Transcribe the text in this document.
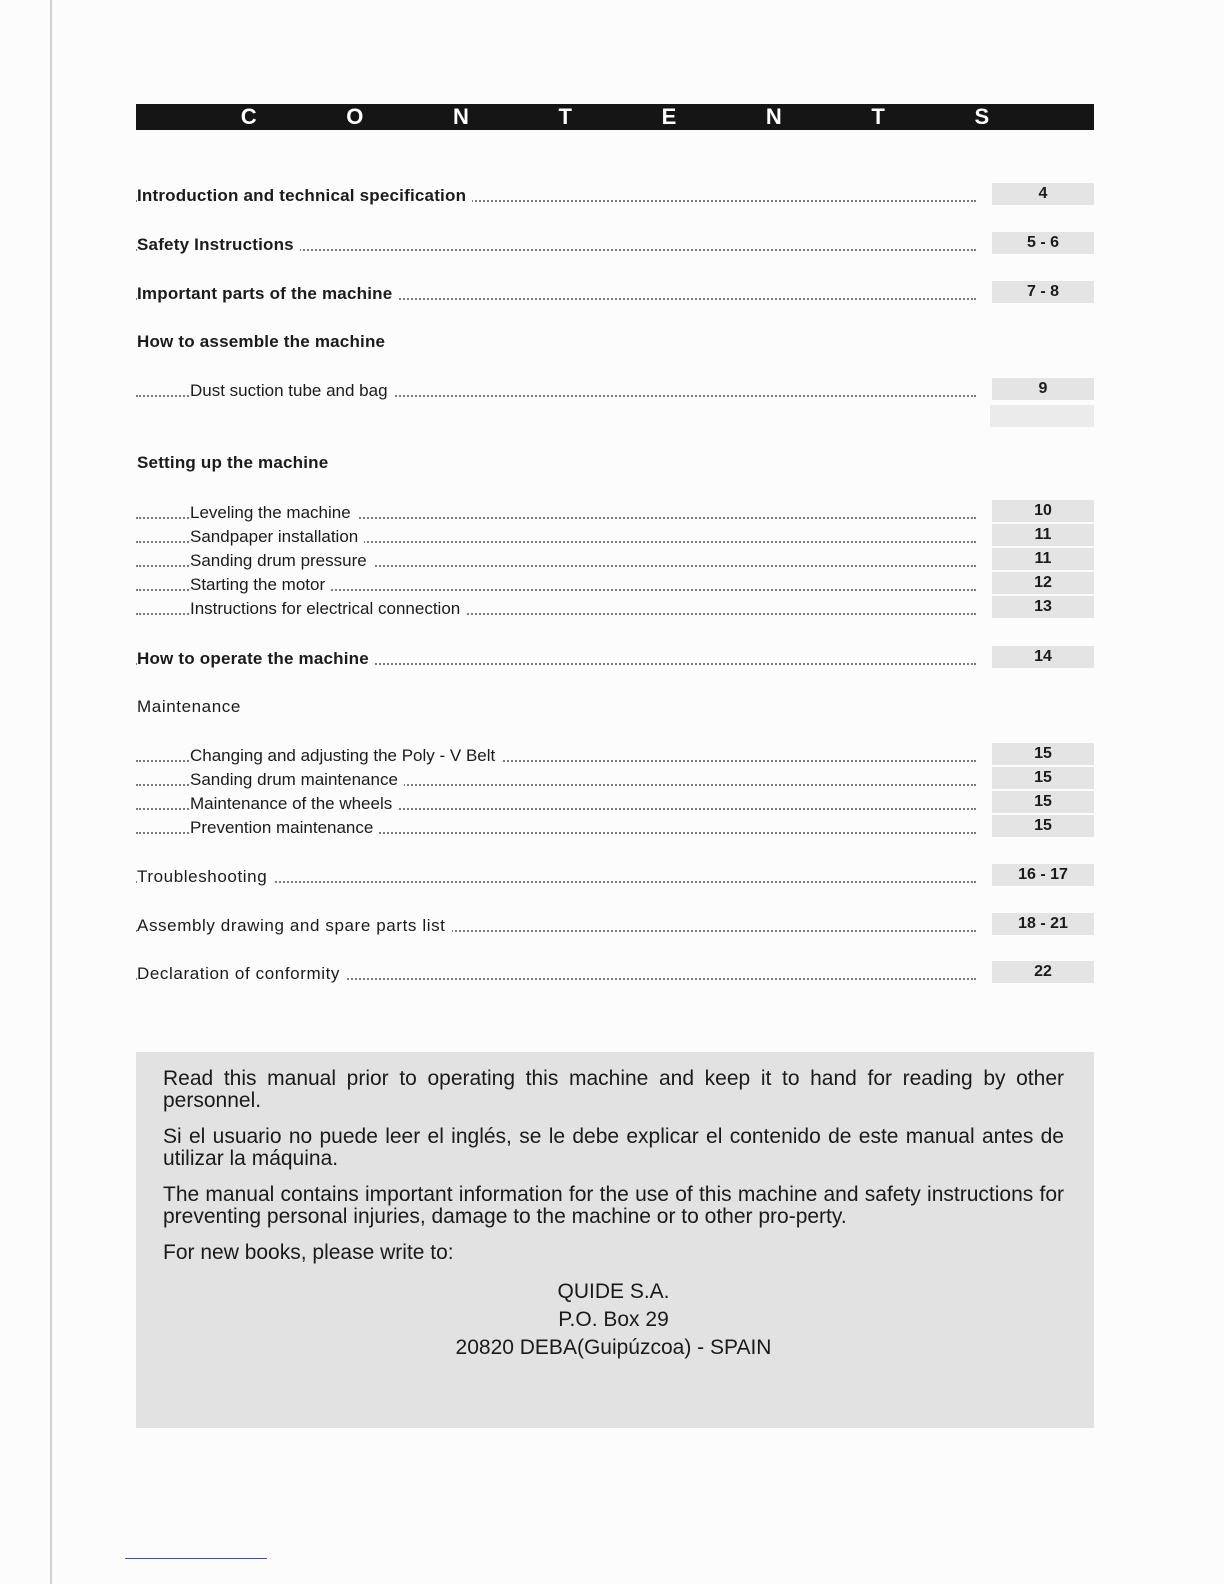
C	O	N	T	E	N	T	S
Introduction and technical specification	4
Safety Instructions	5 - 6
Important parts of the machine	7 - 8
How to assemble the machine
Dust suction tube and bag	9
Setting up the machine
Leveling the machine	10
Sandpaper installation	11
Sanding drum pressure	11
Starting the motor	12
Instructions for electrical connection	13
How to operate the machine	14
Maintenance
Changing and adjusting the Poly - V Belt	15
Sanding drum maintenance	15
Maintenance of the wheels	15
Prevention maintenance	15
Troubleshooting	16 - 17
Assembly drawing and spare parts list	18 - 21
Declaration of conformity	22

Read this manual prior to operating this machine and keep it to hand for reading by other personnel.

Si el usuario no puede leer el inglés, se le debe explicar el contenido de este manual antes de utilizar la máquina.

The manual contains important information for the use of this machine and safety instructions for preventing personal injuries, damage to the machine or to other pro-perty.

For new books, please write to:

QUIDE S.A.
P.O. Box 29
20820 DEBA(Guipúzcoa) - SPAIN
